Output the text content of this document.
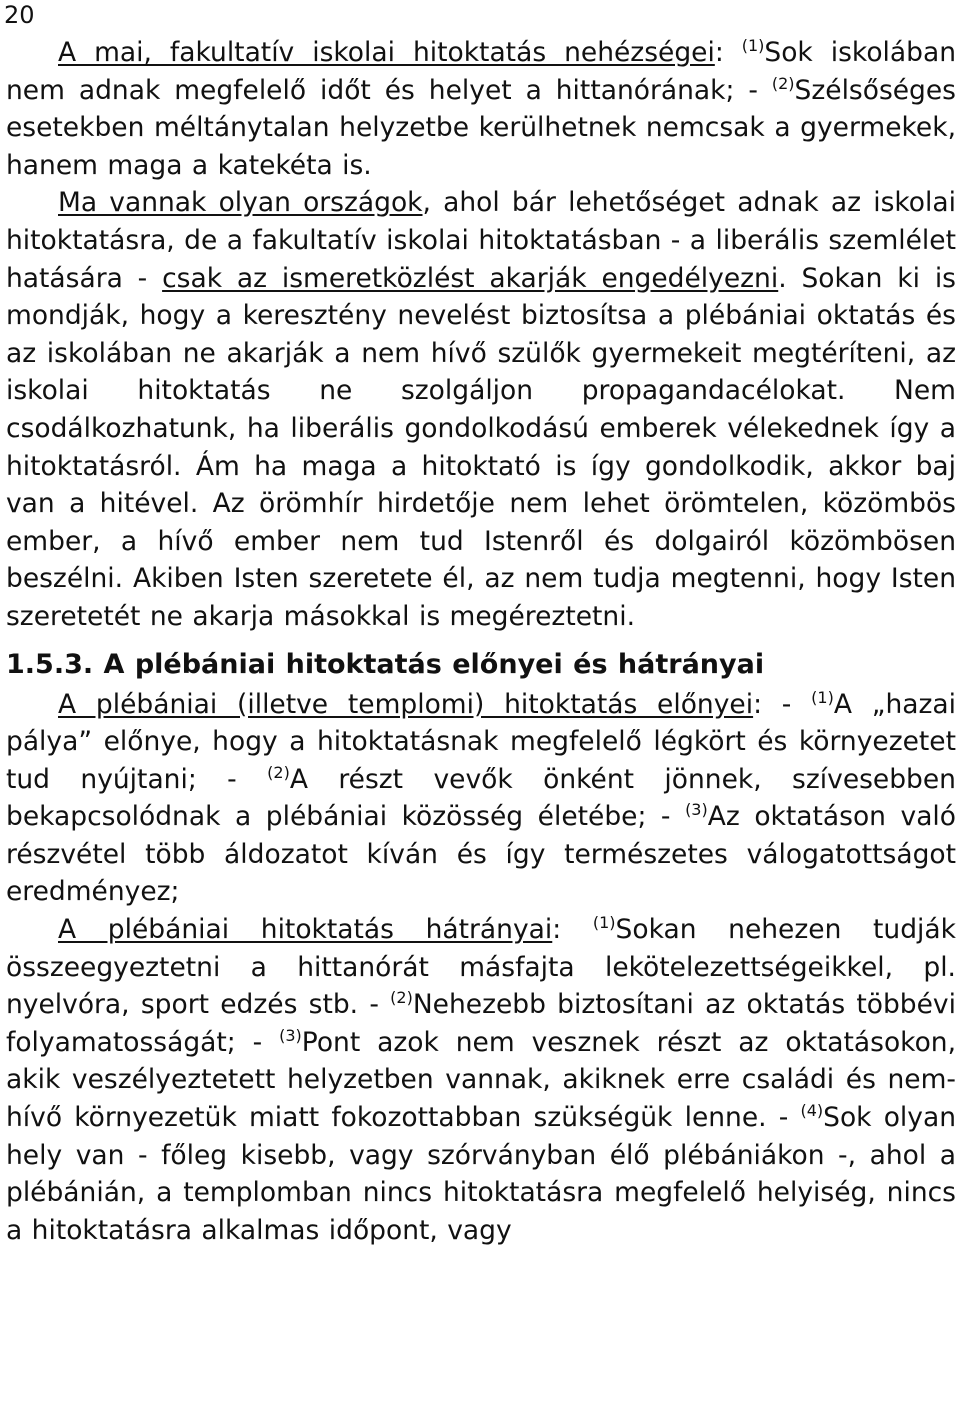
20

A mai, fakultatív iskolai hitoktatás nehézségei: $^{(1)}$Sok iskolában nem adnak megfelelő időt és helyet a hittanórának; - $^{(2)}$Szélsőséges esetekben méltánytalan helyzetbe kerülhetnek nemcsak a gyermekek, hanem maga a katekéta is.

Ma vannak olyan országok, ahol bár lehetőséget adnak az iskolai hitoktatásra, de a fakultatív iskolai hitoktatásban - a liberális szemlélet hatására - csak az ismeretközlést akarják engedélyezni. Sokan ki is mondják, hogy a keresztény nevelést biztosítsa a plébániai oktatás és az iskolában ne akarják a nem hívő szülők gyermekeit megtéríteni, az iskolai hitoktatás ne szolgáljon propagandacélokat. Nem csodálkozhatunk, ha liberális gondolkodású emberek vélekednek így a hitoktatásról. Ám ha maga a hitoktató is így gondolkodik, akkor baj van a hitével. Az örömhír hirdetője nem lehet örömtelen, közömbös ember, a hívő ember nem tud Istenről és dolgairól közömbösen beszélni. Akiben Isten szeretete él, az nem tudja megtenni, hogy Isten szeretetét ne akarja másokkal is megéreztetni.

1.5.3. A plébániai hitoktatás előnyei és hátrányai

A plébániai (illetve templomi) hitoktatás előnyei: - $^{(1)}$A „hazai pálya” előnye, hogy a hitoktatásnak megfelelő légkört és környezetet tud nyújtani; - $^{(2)}$A részt vevők önként jönnek, szívesebben bekapcsolódnak a plébániai közösség életébe; - $^{(3)}$Az oktatáson való részvétel több áldozatot kíván és így természetes válogatottságot eredményez;

A plébániai hitoktatás hátrányai: $^{(1)}$Sokan nehezen tudják összeegyeztetni a hittanórát másfajta lekötelezettségeikkel, pl. nyelvóra, sport edzés stb. - $^{(2)}$Nehezebb biztosítani az oktatás többévi folyamatosságát; - $^{(3)}$Pont azok nem vesznek részt az oktatásokon, akik veszélyeztetett helyzetben vannak, akiknek erre családi és nem-hívő környezetük miatt fokozottabban szükségük lenne. - $^{(4)}$Sok olyan hely van - főleg kisebb, vagy szórványban élő plébániákon -, ahol a plébánián, a templomban nincs hitoktatásra megfelelő helyiség, nincs a hitoktatásra alkalmas időpont, vagy
